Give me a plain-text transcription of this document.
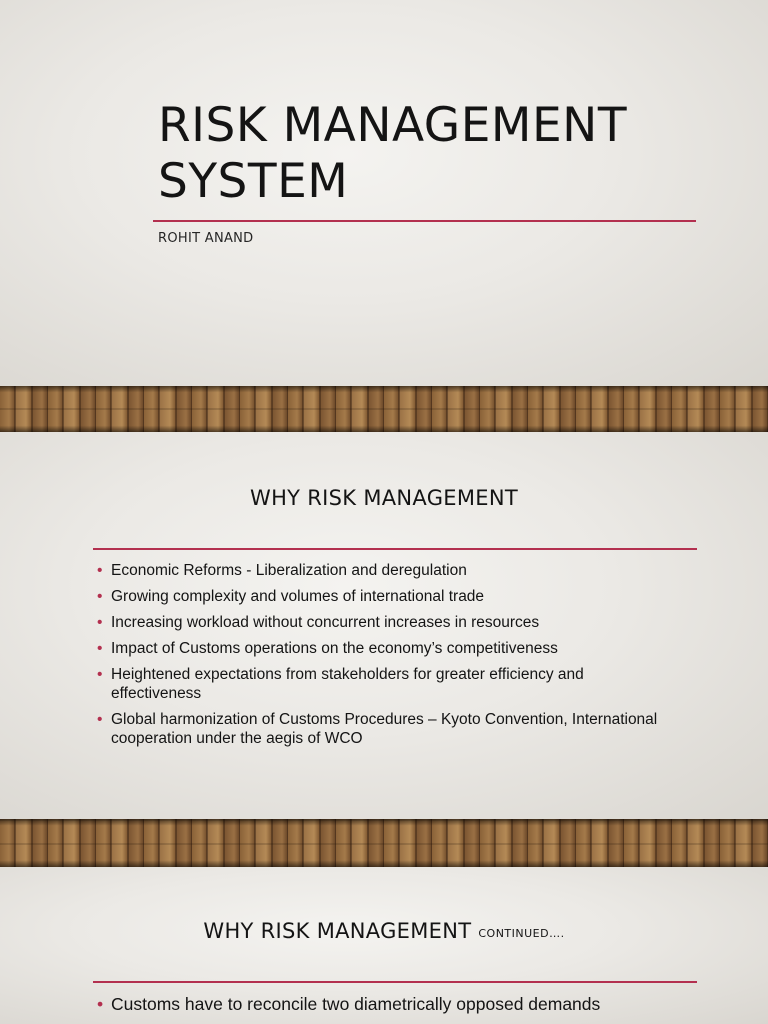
RISK MANAGEMENT SYSTEM
ROHIT ANAND
WHY RISK MANAGEMENT
• Economic Reforms - Liberalization and deregulation
• Growing complexity and volumes of international trade
• Increasing workload without concurrent increases in resources
• Impact of Customs operations on the economy’s competitiveness
• Heightened expectations from stakeholders for greater efficiency and effectiveness
• Global harmonization of Customs Procedures – Kyoto Convention, International cooperation under the aegis of WCO
WHY RISK MANAGEMENT CONTINUED….
• Customs have to reconcile two diametrically opposed demands
